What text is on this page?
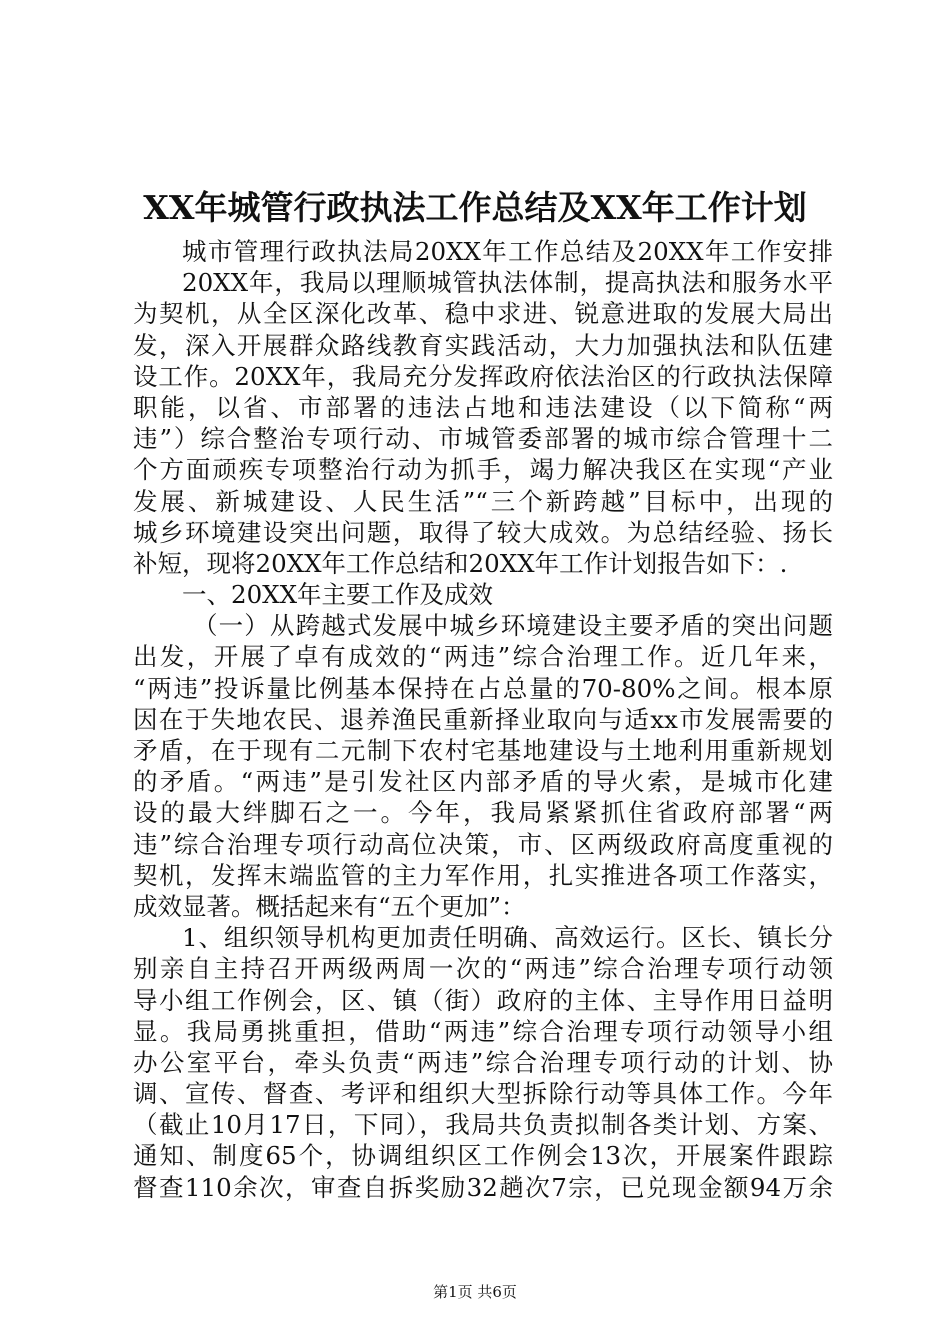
XX年城管行政执法工作总结及XX年工作计划
城市管理行政执法局20XX年工作总结及20XX年工作安排
20XX年，我局以理顺城管执法体制，提高执法和服务水平
为契机，从全区深化改革、稳中求进、锐意进取的发展大局出
发，深入开展群众路线教育实践活动，大力加强执法和队伍建
设工作。20XX年，我局充分发挥政府依法治区的行政执法保障
职能，以省、市部署的违法占地和违法建设（以下简称“两
违”）综合整治专项行动、市城管委部署的城市综合管理十二
个方面顽疾专项整治行动为抓手，竭力解决我区在实现“产业
发展、新城建设、人民生活”“三个新跨越”目标中，出现的
城乡环境建设突出问题，取得了较大成效。为总结经验、扬长
补短，现将20XX年工作总结和20XX年工作计划报告如下：.
一、20XX年主要工作及成效
（一）从跨越式发展中城乡环境建设主要矛盾的突出问题
出发，开展了卓有成效的“两违”综合治理工作。近几年来，
“两违”投诉量比例基本保持在占总量的70-80%之间。根本原
因在于失地农民、退养渔民重新择业取向与适xx市发展需要的
矛盾，在于现有二元制下农村宅基地建设与土地利用重新规划
的矛盾。“两违”是引发社区内部矛盾的导火索，是城市化建
设的最大绊脚石之一。今年，我局紧紧抓住省政府部署“两
违”综合治理专项行动高位决策，市、区两级政府高度重视的
契机，发挥末端监管的主力军作用，扎实推进各项工作落实，
成效显著。概括起来有“五个更加”：
1、组织领导机构更加责任明确、高效运行。区长、镇长分
别亲自主持召开两级两周一次的“两违”综合治理专项行动领
导小组工作例会，区、镇（街）政府的主体、主导作用日益明
显。我局勇挑重担，借助“两违”综合治理专项行动领导小组
办公室平台，牵头负责“两违”综合治理专项行动的计划、协
调、宣传、督查、考评和组织大型拆除行动等具体工作。今年
（截止10月17日，下同），我局共负责拟制各类计划、方案、
通知、制度65个，协调组织区工作例会13次，开展案件跟踪
督查110余次，审查自拆奖励32趟次7宗，已兑现金额94万余
第1页 共6页
